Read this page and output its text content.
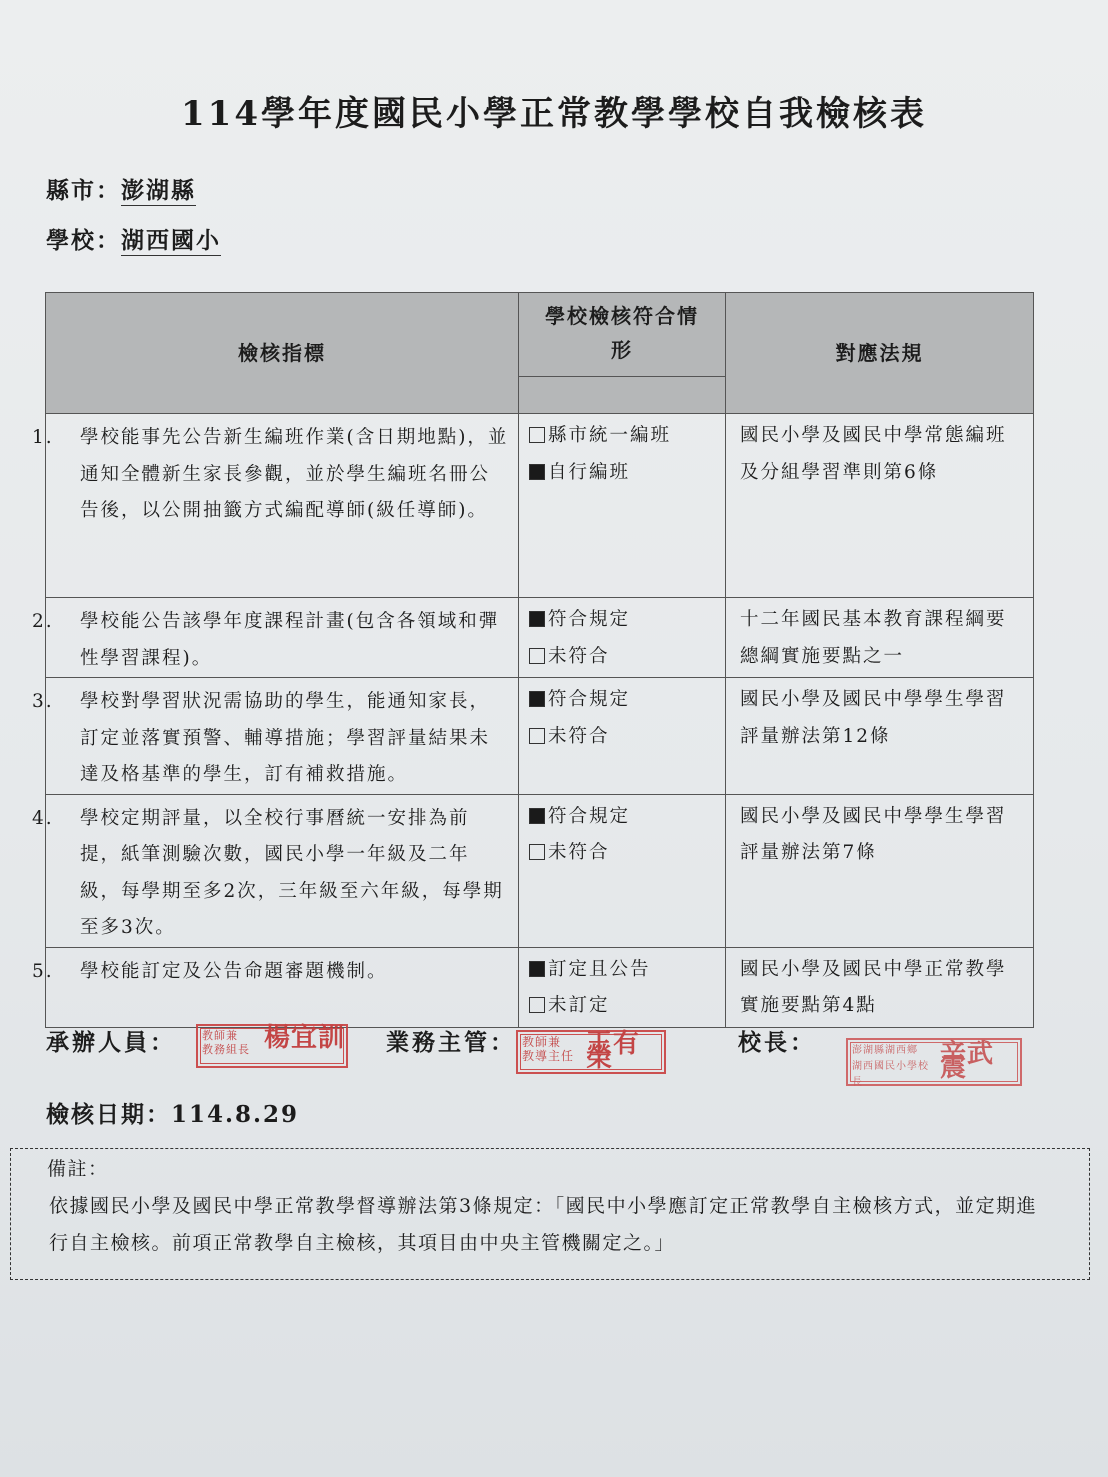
114學年度國民小學正常教學學校自我檢核表
縣市：澎湖縣
學校：湖西國小
檢核指標	學校檢核符合情形	對應法規

1. 學校能事先公告新生編班作業(含日期地點)，並通知全體新生家長參觀，並於學生編班名冊公告後，以公開抽籤方式編配導師(級任導師)。	縣市統一編班
自行編班	國民小學及國民中學常態編班及分組學習準則第6條

2. 學校能公告該學年度課程計畫(包含各領域和彈性學習課程)。	符合規定
未符合	十二年國民基本教育課程綱要總綱實施要點之一

3. 學校對學習狀況需協助的學生，能通知家長，訂定並落實預警、輔導措施；學習評量結果未達及格基準的學生，訂有補救措施。	符合規定
未符合	國民小學及國民中學學生學習評量辦法第12條

4. 學校定期評量，以全校行事曆統一安排為前提，紙筆測驗次數，國民小學一年級及二年級，每學期至多2次，三年級至六年級，每學期至多3次。	符合規定
未符合	國民小學及國民中學學生學習評量辦法第7條

5. 學校能訂定及公告命題審題機制。	訂定且公告
未訂定	國民小學及國民中學正常教學實施要點第4點
承辦人員： 教師兼
教務組長 楊宜訓 業務主管： 教師兼
教導主任 王有榮
校長：	澎湖縣湖西鄉
湖西國民小學校長
辛武震
檢核日期：114.8.29
備註：
依據國民小學及國民中學正常教學督導辦法第3條規定：「國民中小學應訂定正常教學自主檢核方式，並定期進行自主檢核。前項正常教學自主檢核，其項目由中央主管機關定之。」
